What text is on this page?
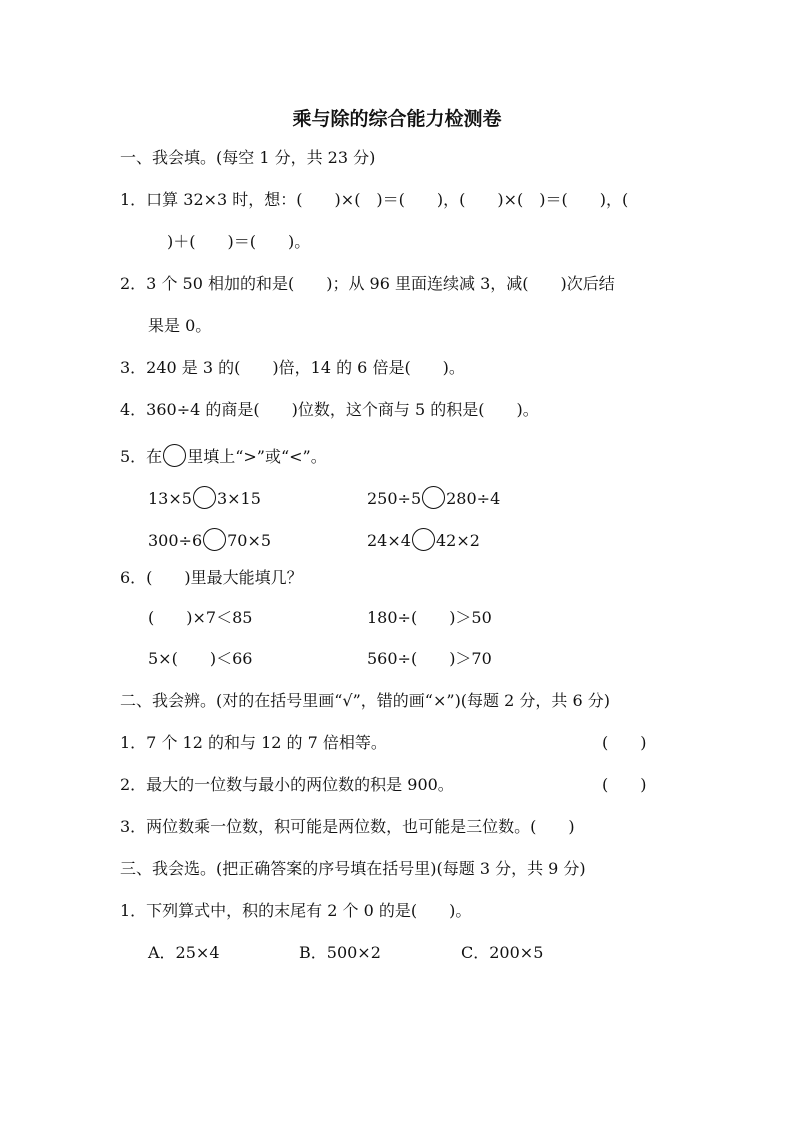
乘与除的综合能力检测卷
一、我会填。(每空 1 分，共 23 分)
1．口算 32×3 时，想：(　　)×(　)＝(　　)，(　　)×(　)＝(　　)，(
)＋(　　)＝(　　)。
2．3 个 50 相加的和是(　　)；从 96 里面连续减 3，减(　　)次后结
果是 0。
3．240 是 3 的(　　)倍，14 的 6 倍是(　　)。
4．360÷4 的商是(　　)位数，这个商与 5 的积是(　　)。
5．在 里填上“>”或“<”。
13×5 3×15	250÷5 280÷4
300÷6 70×5	24×4 42×2
6．(　　)里最大能填几？
(　　)×7＜85	180÷(　　)＞50
5×(　　)＜66	560÷(　　)＞70
二、我会辨。(对的在括号里画“√”，错的画“×”)(每题 2 分，共 6 分)
1．7 个 12 的和与 12 的 7 倍相等。	(　　)
2．最大的一位数与最小的两位数的积是 900。	(　　)
3．两位数乘一位数，积可能是两位数，也可能是三位数。(　　)
三、我会选。(把正确答案的序号填在括号里)(每题 3 分，共 9 分)
1．下列算式中，积的末尾有 2 个 0 的是(　　)。
A．25×4	B．500×2	C．200×5
